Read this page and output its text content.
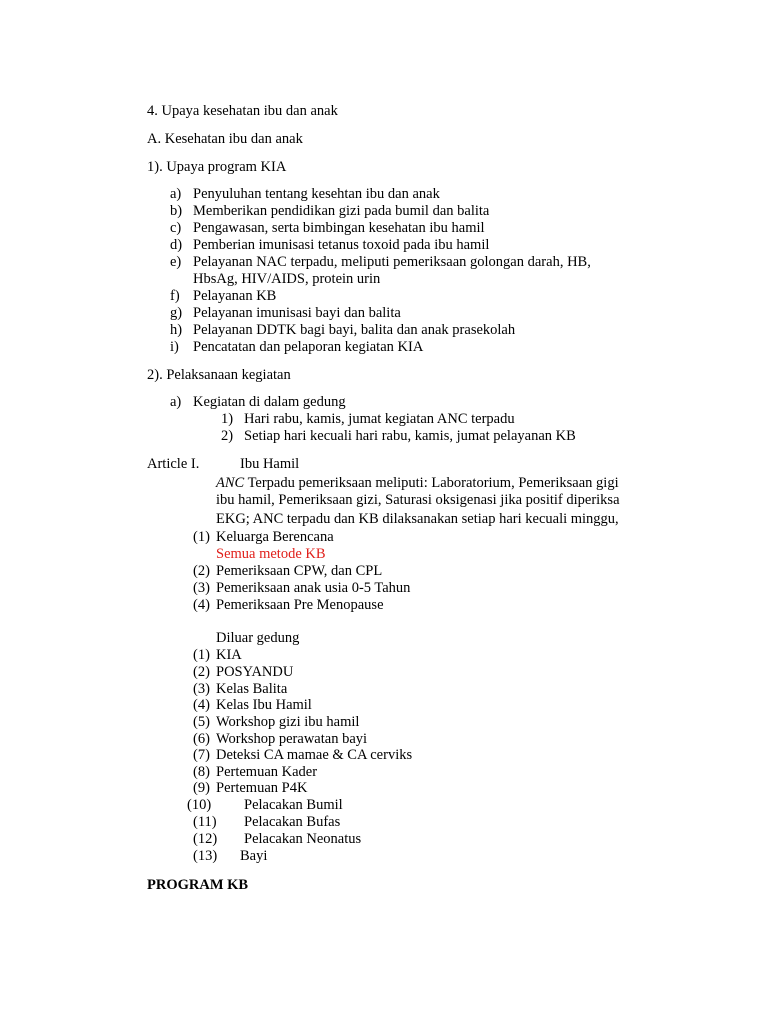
4. Upaya kesehatan ibu dan anak
A. Kesehatan ibu dan anak
1). Upaya program KIA
a) Penyuluhan tentang kesehtan ibu dan anak
b) Memberikan pendidikan gizi pada bumil dan balita
c) Pengawasan, serta bimbingan kesehatan ibu hamil
d) Pemberian imunisasi tetanus toxoid pada ibu hamil
e) Pelayanan NAC terpadu, meliputi pemeriksaan golongan darah, HB,
HbsAg, HIV/AIDS, protein urin
f) Pelayanan KB
g) Pelayanan imunisasi bayi dan balita
h) Pelayanan DDTK bagi bayi, balita dan anak prasekolah
i) Pencatatan dan pelaporan kegiatan KIA
2). Pelaksanaan kegiatan
a) Kegiatan di dalam gedung
1) Hari rabu, kamis, jumat kegiatan ANC terpadu
2) Setiap hari kecuali hari rabu, kamis, jumat pelayanan KB
Article I.	Ibu Hamil
ANC Terpadu pemeriksaan meliputi: Laboratorium, Pemeriksaan gigi
ibu hamil, Pemeriksaan gizi, Saturasi oksigenasi jika positif diperiksa
EKG; ANC terpadu dan KB dilaksanakan setiap hari kecuali minggu,
(1) Keluarga Berencana
Semua metode KB
(2) Pemeriksaan CPW, dan CPL
(3) Pemeriksaan anak usia 0-5 Tahun
(4) Pemeriksaan Pre Menopause
Diluar gedung
(1) KIA
(2) POSYANDU
(3) Kelas Balita
(4) Kelas Ibu Hamil
(5) Workshop gizi ibu hamil
(6) Workshop perawatan bayi
(7) Deteksi CA mamae & CA cerviks
(8) Pertemuan Kader
(9) Pertemuan P4K
(10) Pelacakan Bumil
(11) Pelacakan Bufas
(12) Pelacakan Neonatus
(13) Bayi
PROGRAM KB
